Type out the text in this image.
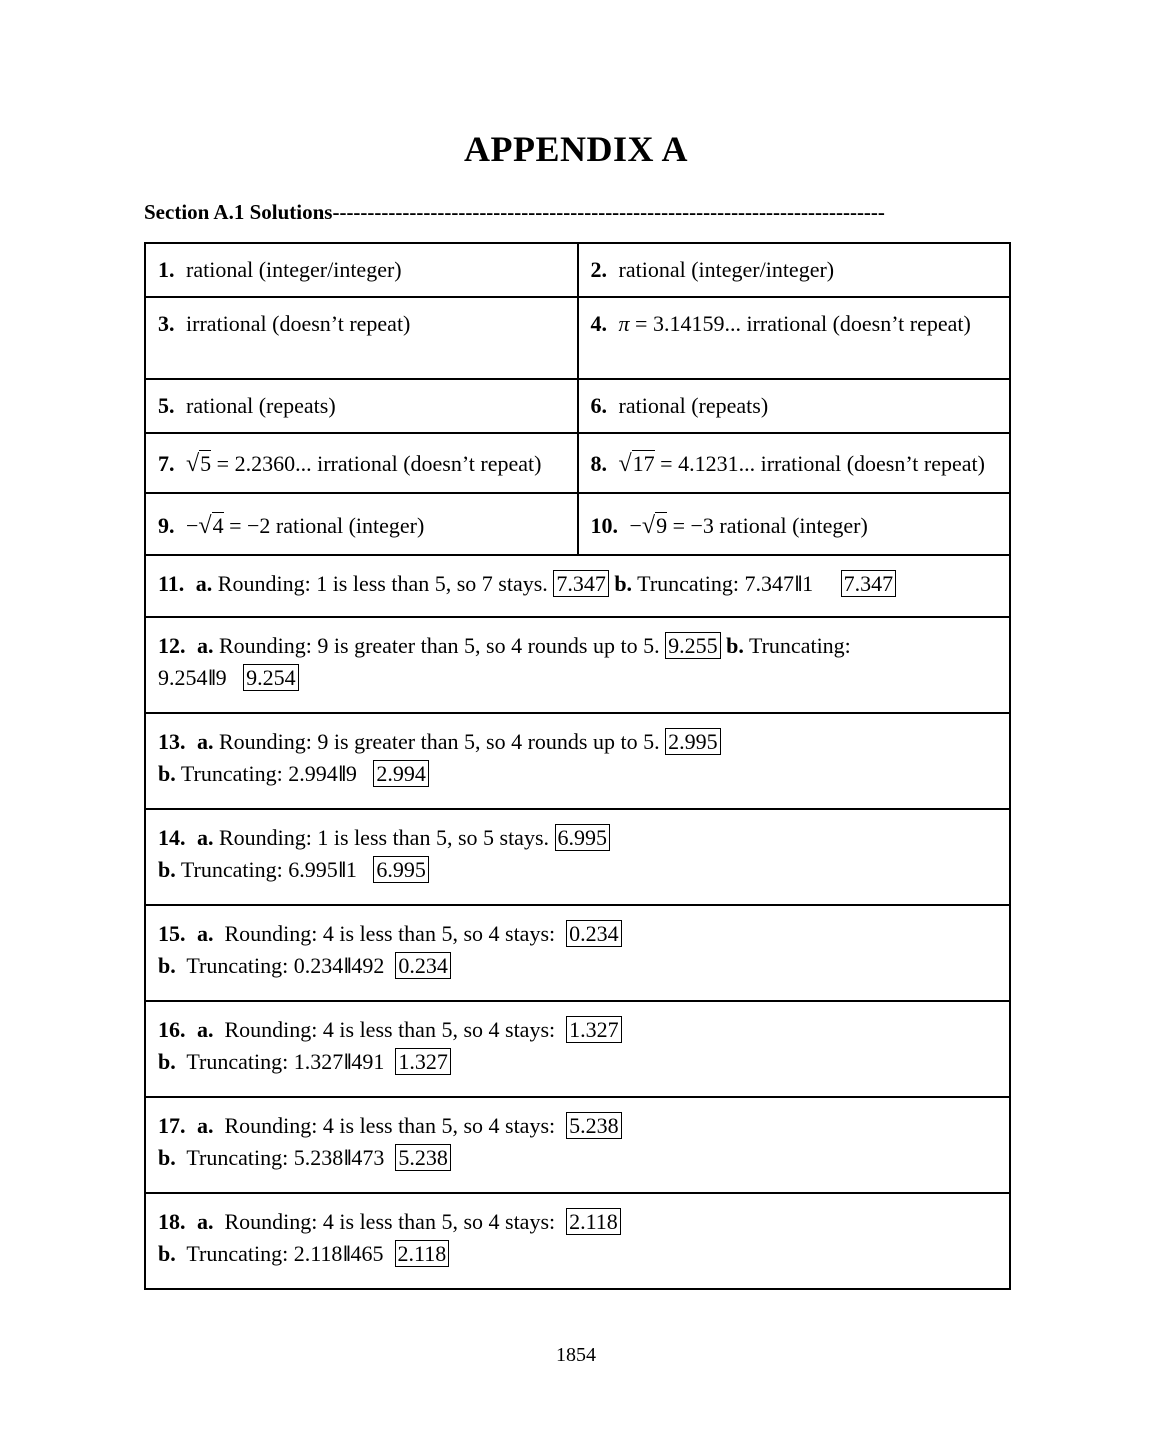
APPENDIX A
Section A.1 Solutions-------------------------------------------------------------------------------
1. rational (integer/integer)	2. rational (integer/integer)
3. irrational (doesn’t repeat)	4. π = 3.14159... irrational (doesn’t repeat)
5. rational (repeats)	6. rational (repeats)
7. √5 = 2.2360... irrational (doesn’t repeat)	8. √17 = 4.1231... irrational (doesn’t repeat)
9. −√4 = −2 rational (integer)	10. −√9 = −3 rational (integer)
11. a. Rounding: 1 is less than 5, so 7 stays. 7.347 b. Truncating: 7.347‖ 1 7.347	
12. a. Rounding: 9 is greater than 5, so 4 rounds up to 5. 9.255 b. Truncating:
9.254‖ 9 9.254	
13. a. Rounding: 9 is greater than 5, so 4 rounds up to 5. 2.995
b. Truncating: 2.994‖ 9 2.994	
14. a. Rounding: 1 is less than 5, so 5 stays. 6.995
b. Truncating: 6.995‖ 1 6.995	
15. a. Rounding: 4 is less than 5, so 4 stays: 0.234
b. Truncating: 0.234‖ 492 0.234	
16. a. Rounding: 4 is less than 5, so 4 stays: 1.327
b. Truncating: 1.327‖ 491 1.327	
17. a. Rounding: 4 is less than 5, so 4 stays: 5.238
b. Truncating: 5.238‖ 473 5.238	
18. a. Rounding: 4 is less than 5, so 4 stays: 2.118
b. Truncating: 2.118‖ 465 2.118	
1854
